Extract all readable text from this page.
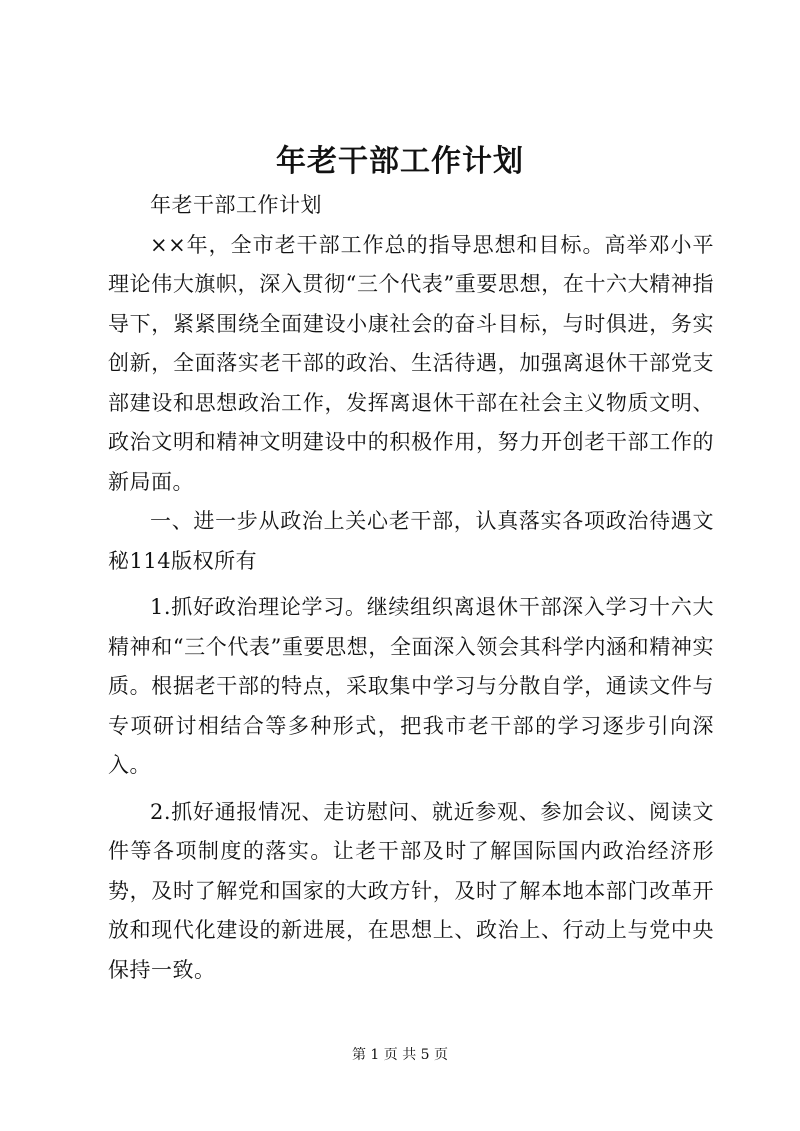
年老干部工作计划

年老干部工作计划

××年，全市老干部工作总的指导思想和目标。高举邓小平理论伟大旗帜，深入贯彻“三个代表”重要思想，在十六大精神指导下，紧紧围绕全面建设小康社会的奋斗目标，与时俱进，务实创新，全面落实老干部的政治、生活待遇，加强离退休干部党支部建设和思想政治工作，发挥离退休干部在社会主义物质文明、政治文明和精神文明建设中的积极作用，努力开创老干部工作的新局面。

一、进一步从政治上关心老干部，认真落实各项政治待遇文秘114版权所有

1.抓好政治理论学习。继续组织离退休干部深入学习十六大精神和“三个代表”重要思想，全面深入领会其科学内涵和精神实质。根据老干部的特点，采取集中学习与分散自学，通读文件与专项研讨相结合等多种形式，把我市老干部的学习逐步引向深入。

2.抓好通报情况、走访慰问、就近参观、参加会议、阅读文件等各项制度的落实。让老干部及时了解国际国内政治经济形势，及时了解党和国家的大政方针，及时了解本地本部门改革开放和现代化建设的新进展，在思想上、政治上、行动上与党中央保持一致。

第 1 页 共 5 页
